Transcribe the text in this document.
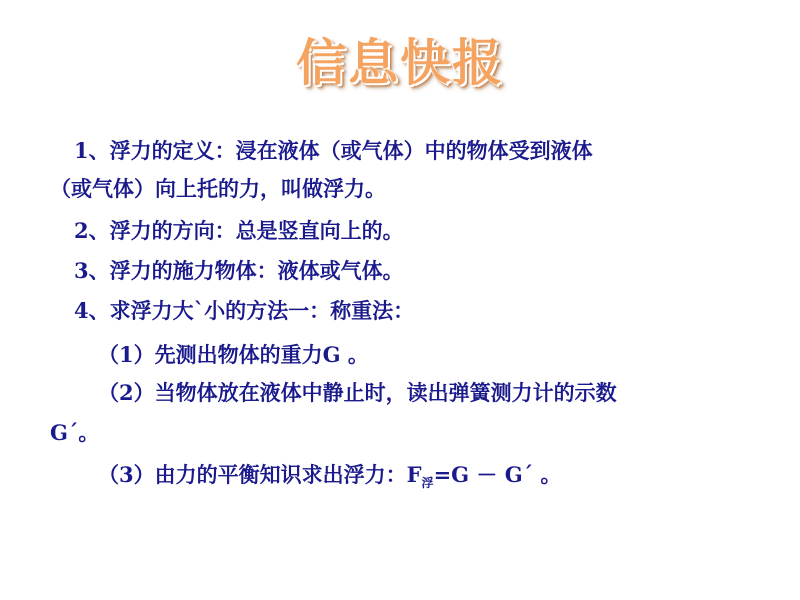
信息快报
1、浮力的定义：浸在液体（或气体）中的物体受到液体
（或气体）向上托的力，叫做浮力。
2、浮力的方向：总是竖直向上的。
3、浮力的施力物体：液体或气体。
4、求浮力大`小的方法一：称重法：
（1）先测出物体的重力G 。
（2）当物体放在液体中静止时，读出弹簧测力计的示数
G´。
（3）由力的平衡知识求出浮力：$F_浮=G$ － G´ 。
